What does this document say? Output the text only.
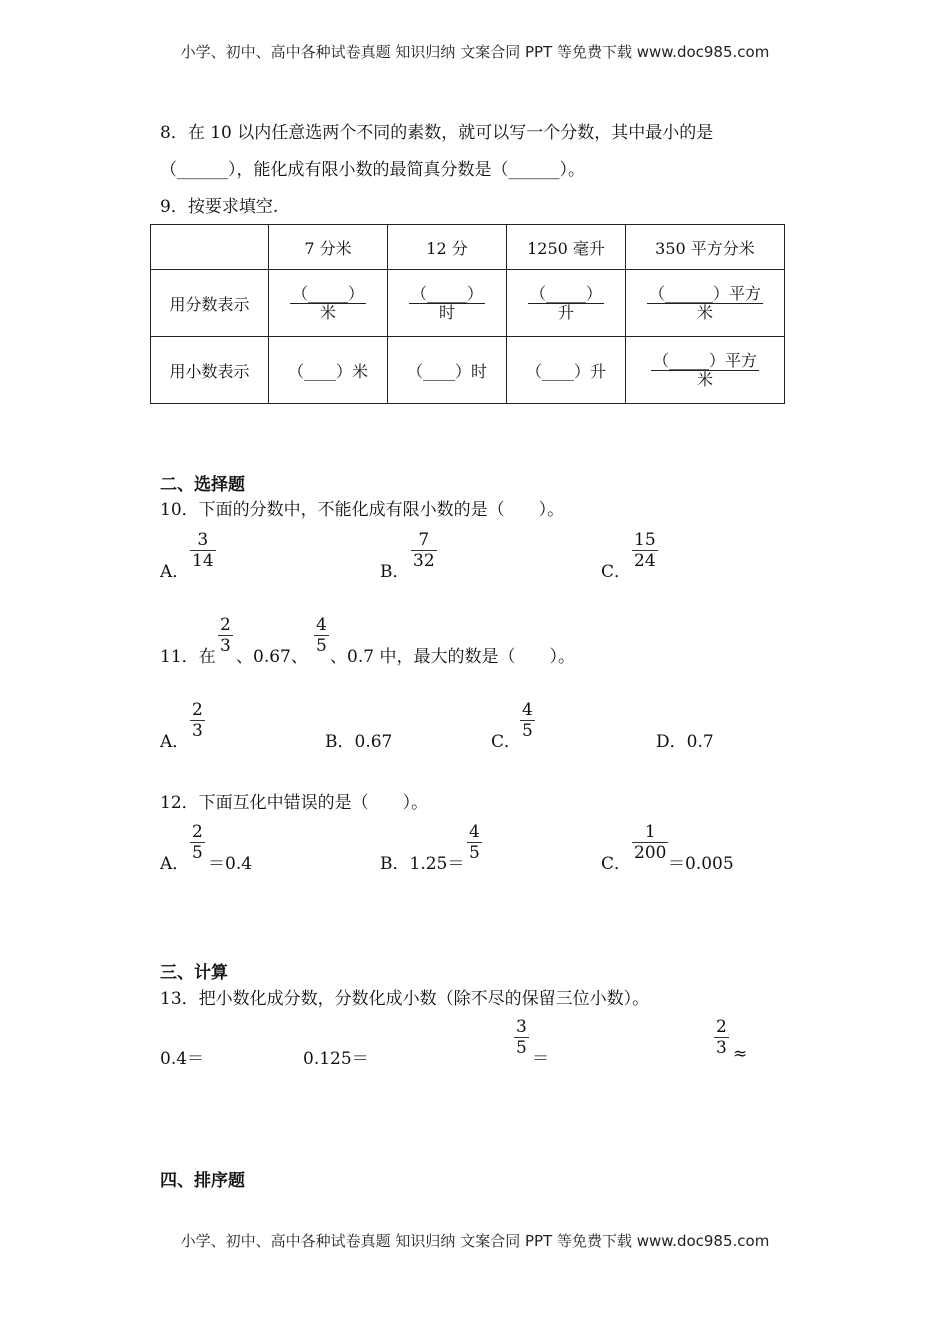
小学、初中、高中各种试卷真题 知识归纳 文案合同 PPT 等免费下载 www.doc985.com
8．在 10 以内任意选两个不同的素数，就可以写一个分数，其中最小的是
（______），能化成有限小数的最简真分数是（______）。
9．按要求填空.
	7 分米	12 分	1250 毫升	350 平方分米
用分数表示	$\frac{(\_\_\_\_\_)}{\text{米}}$	$\frac{(\_\_\_\_\_)}{\text{时}}$	$\frac{(\_\_\_\_\_)}{\text{升}}$	$\frac{\text{（\_\_\_\_\_\_）平方}}{\text{米}}$

用小数表示	（____）米	（____）时	（____）升	$\frac{\text{（\_\_\_\_\_）平方}}{\text{米}}$
二、选择题
10．下面的分数中，不能化成有限小数的是（　　）。
A．
3
14
B．
7
32
C．
15
24
11．在
2
3
、0.67、
4
5
、0.7 中，最大的数是（　　）。
A．
2
3
B．0.67	C．
4
5
D．0.7
12．下面互化中错误的是（　　）。
A．
2
5
＝0.4	B．1.25＝
4
5
C．
1
200
＝0.005
三、计算
13．把小数化成分数，分数化成小数（除不尽的保留三位小数）。
0.4＝	0.125＝
3
5
＝
2
3 ≈
四、排序题
小学、初中、高中各种试卷真题 知识归纳 文案合同 PPT 等免费下载 www.doc985.com
